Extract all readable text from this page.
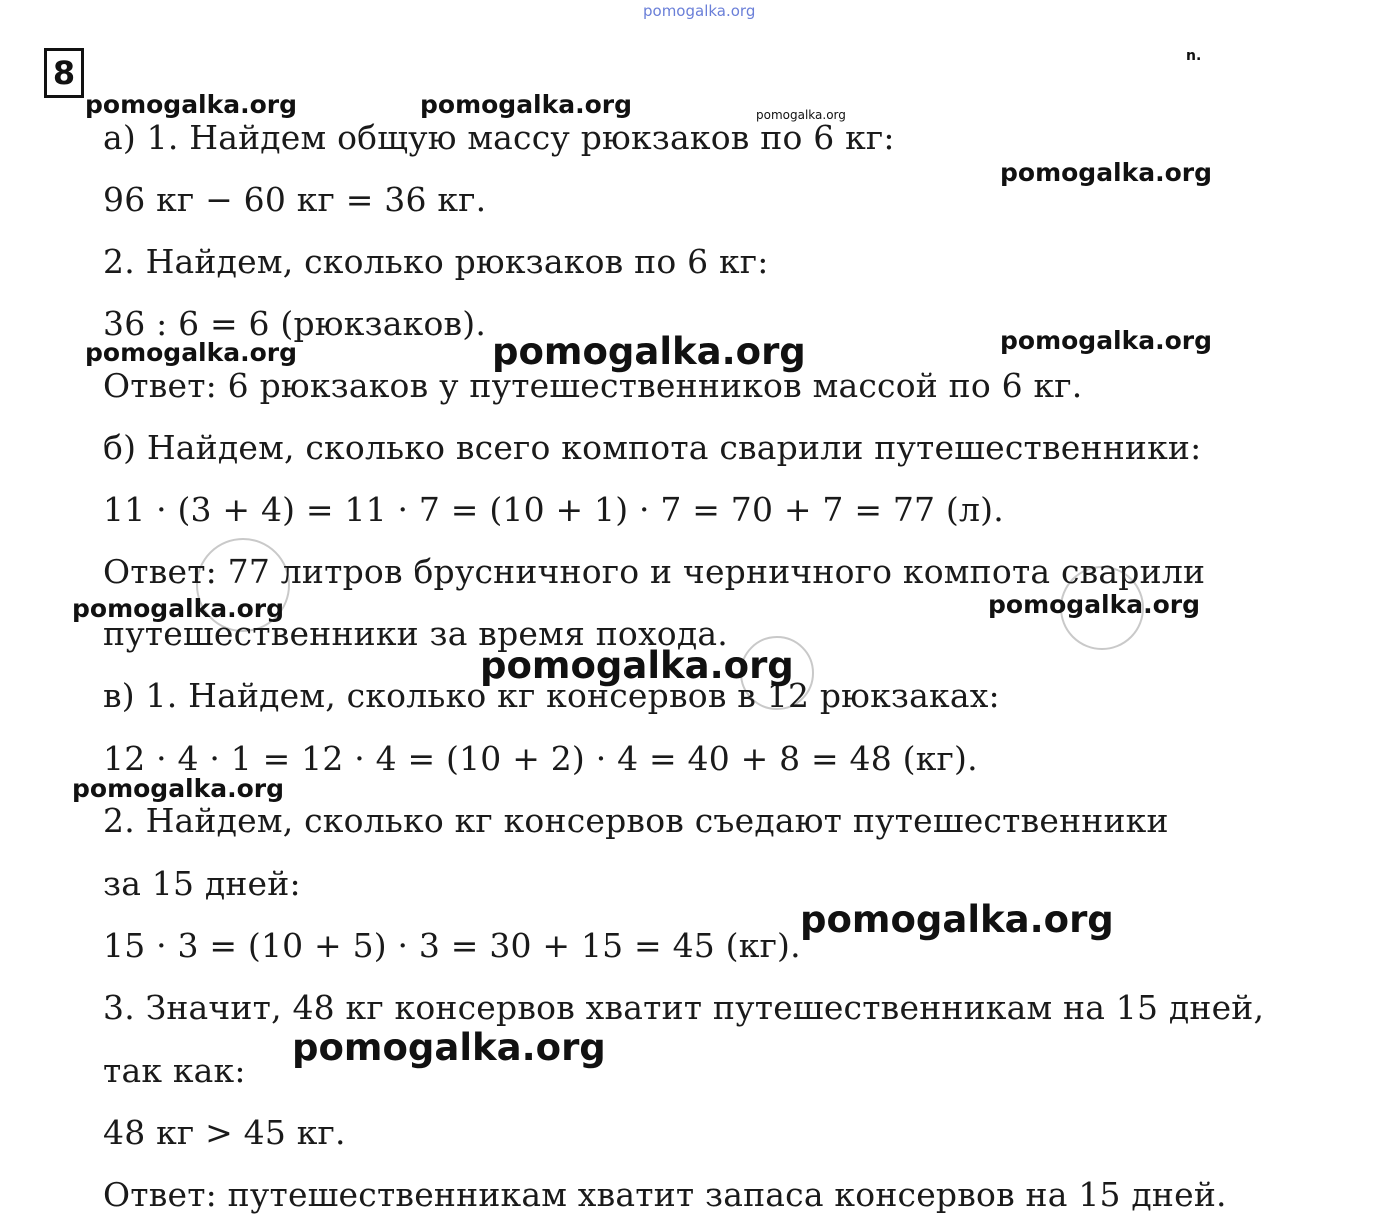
pomogalka.org
8	n.
а) 1. Найдем общую массу рюкзаков по 6 кг:
96 кг − 60 кг = 36 кг.
2. Найдем, сколько рюкзаков по 6 кг:
36 : 6 = 6 (рюкзаков).
Ответ: 6 рюкзаков у путешественников массой по 6 кг.
б) Найдем, сколько всего компота сварили путешественники:
11 · (3 + 4) = 11 · 7 = (10 + 1) · 7 = 70 + 7 = 77 (л).
Ответ: 77 литров брусничного и черничного компота сварили
путешественники за время похода.
в) 1. Найдем, сколько кг консервов в 12 рюкзаках:
12 · 4 · 1 = 12 · 4 = (10 + 2) · 4 = 40 + 8 = 48 (кг).
2. Найдем, сколько кг консервов съедают путешественники
за 15 дней:
15 · 3 = (10 + 5) · 3 = 30 + 15 = 45 (кг).
3. Значит, 48 кг консервов хватит путешественникам на 15 дней,
так как:
48 кг > 45 кг.
Ответ: путешественникам хватит запаса консервов на 15 дней.
pomogalka.org	pomogalka.org	pomogalka.org
pomogalka.org
pomogalka.org	pomogalka.org	pomogalka.org
pomogalka.org	pomogalka.org
pomogalka.org
pomogalka.org
pomogalka.org
pomogalka.org
